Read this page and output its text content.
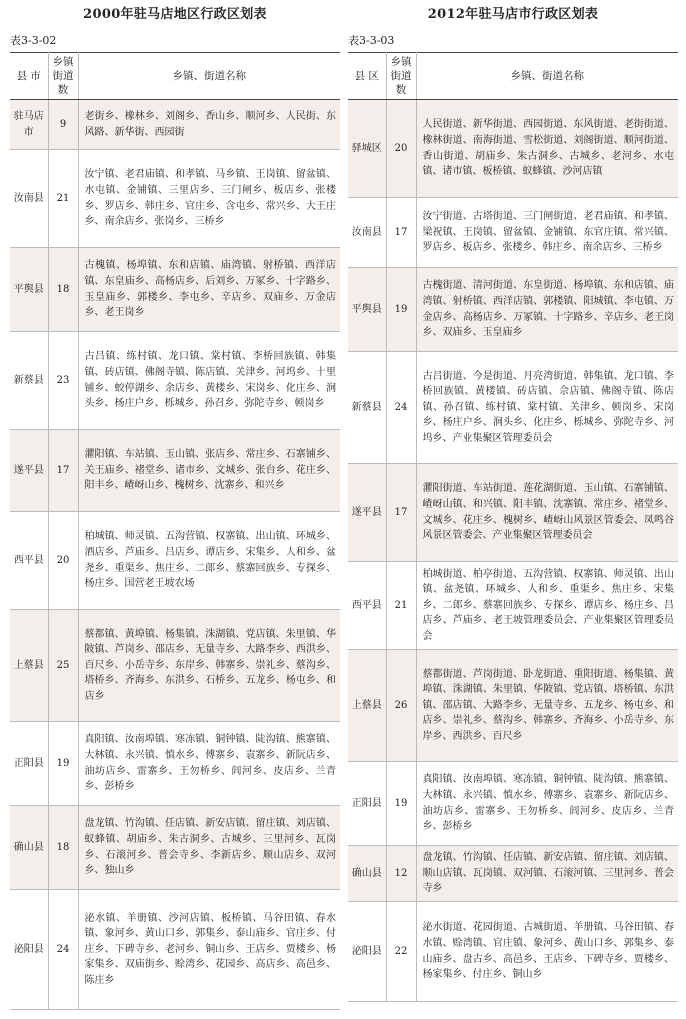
2000年驻马店地区行政区划表
表3-3-02
县 市	乡镇街道数	乡镇、街道名称
驻马店市	9	老街乡、橡林乡、刘阁乡、香山乡、顺河乡、人民街、东风路、新华街、西园街
汝南县	21	汝宁镇、老君庙镇、和孝镇、马乡镇、王岗镇、留盆镇、水屯镇、金铺镇、三里店乡、三门闸乡、板店乡、张楼乡、罗店乡、韩庄乡、官庄乡、含屯乡、常兴乡、大王庄乡、南余店乡、张岗乡、三桥乡
平舆县	18	古槐镇、杨埠镇、东和店镇、庙湾镇、射桥镇、西洋店镇、东皇庙乡、高杨店乡、后刘乡、万冢乡、十字路乡、玉皇庙乡、郭楼乡、李屯乡、辛店乡、双庙乡、万金店乡、老王岗乡
新蔡县	23	古吕镇、练村镇、龙口镇、棠村镇、李桥回族镇、韩集镇、砖店镇、佛阁寺镇、陈店镇、关津乡、河坞乡、十里铺乡、蛟停湖乡、余店乡、黄楼乡、宋岗乡、化庄乡、涧头乡、杨庄户乡、栎城乡、孙召乡、弥陀寺乡、顿岗乡
遂平县	17	灈阳镇、车站镇、玉山镇、张店乡、常庄乡、石寨铺乡、关王庙乡、褚堂乡、诸市乡、文城乡、张台乡、花庄乡、阳丰乡、嵖岈山乡、槐树乡、沈寨乡、和兴乡
西平县	20	柏城镇、师灵镇、五沟营镇、权寨镇、出山镇、环城乡、酒店乡、芦庙乡、吕店乡、谭店乡、宋集乡、人和乡、盆尧乡、重渠乡、焦庄乡、二郎乡、蔡寨回族乡、专探乡、杨庄乡、国营老王坡农场
上蔡县	25	蔡都镇、黄埠镇、杨集镇、洙湖镇、党店镇、朱里镇、华陂镇、芦岗乡、邵店乡、无量寺乡、大路李乡、西洪乡、百尺乡、小岳寺乡、东岸乡、韩寨乡、崇礼乡、蔡沟乡、塔桥乡、齐海乡、东洪乡、石桥乡、五龙乡、杨屯乡、和店乡
正阳县	19	真阳镇、汝南埠镇、寒冻镇、铜钟镇、陡沟镇、熊寨镇、大林镇、永兴镇、慎水乡、傅寨乡、袁寨乡、新阮店乡、油坊店乡、雷寨乡、王勿桥乡、闾河乡、皮店乡、兰青乡、彭桥乡
确山县	18	盘龙镇、竹沟镇、任店镇、新安店镇、留庄镇、刘店镇、蚁蜂镇、胡庙乡、朱古洞乡、古城乡、三里河乡、瓦岗乡、石滚河乡、普会寺乡、李新店乡、顺山店乡、双河乡、独山乡
泌阳县	24	泌水镇、羊册镇、沙河店镇、板桥镇、马谷田镇、春水镇、象河乡、黄山口乡、郭集乡、泰山庙乡、官庄乡、付庄乡、下碑寺乡、老河乡、铜山乡、王店乡、贾楼乡、杨家集乡、双庙街乡、赊湾乡、花园乡、高店乡、高邑乡、陈庄乡
2012年驻马店市行政区划表
表3-3-03
县 区	乡镇街道数	乡镇、街道名称
驿城区	20	人民街道、新华街道、西园街道、东风街道、老街街道、橡林街道、南海街道、雪松街道、刘阁街道、顺河街道、香山街道、胡庙乡、朱古洞乡、古城乡、老河乡、水屯镇、诸市镇、板桥镇、蚁蜂镇、沙河店镇
汝南县	17	汝宁街道、古塔街道、三门闸街道、老君庙镇、和孝镇、梁祝镇、王岗镇、留盆镇、金铺镇、东官庄镇、常兴镇、罗店乡、板店乡、张楼乡、韩庄乡、南余店乡、三桥乡
平舆县	19	古槐街道、清河街道、东皇街道、杨埠镇、东和店镇、庙湾镇、射桥镇、西洋店镇、郭楼镇、阳城镇、李屯镇、万金店乡、高杨店乡、万冢镇、十字路乡、辛店乡、老王岗乡、双庙乡、玉皇庙乡
新蔡县	24	古吕街道、今是街道、月亮湾街道、韩集镇、龙口镇、李桥回族镇、黄楼镇、砖店镇、佘店镇、佛阁寺镇、陈店镇、孙召镇、练村镇、棠村镇、关津乡、顿岗乡、宋岗乡、杨庄户乡、涧头乡、化庄乡、栎城乡、弥陀寺乡、河坞乡、产业集聚区管理委员会
遂平县	17	灈阳街道、车站街道、莲花湖街道、玉山镇、石寨铺镇、嵖岈山镇、和兴镇、阳丰镇、沈寨镇、常庄乡、褚堂乡、文城乡、花庄乡、槐树乡、嵖岈山风景区管委会、凤鸣谷风景区管委会、产业集聚区管理委员会
西平县	21	柏城街道、柏亭街道、五沟营镇、权寨镇、师灵镇、出山镇、盆尧镇、环城乡、人和乡、重渠乡、焦庄乡、宋集乡、二郎乡、蔡寨回族乡、专探乡、谭店乡、杨庄乡、吕店乡、芦庙乡、老王坡管理委员会、产业集聚区管理委员会
上蔡县	26	蔡都街道、芦岗街道、卧龙街道、重阳街道、杨集镇、黄埠镇、洙湖镇、朱里镇、华陂镇、党店镇、塔桥镇、东洪镇、邵店镇、大路李乡、无量寺乡、五龙乡、杨屯乡、和店乡、崇礼乡、蔡沟乡、韩寨乡、齐海乡、小岳寺乡、东岸乡、西洪乡、百尺乡
正阳县	19	真阳镇、汝南埠镇、寒冻镇、铜钟镇、陡沟镇、熊寨镇、大林镇、永兴镇、慎水乡、傅寨乡、袁寨乡、新阮店乡、油坊店乡、雷寨乡、王勿桥乡、闾河乡、皮店乡、兰青乡、彭桥乡
确山县	12	盘龙镇、竹沟镇、任店镇、新安店镇、留庄镇、刘店镇、顺山店镇、瓦岗镇、双河镇、石滚河镇、三里河乡、普会寺乡
泌阳县	22	泌水街道、花园街道、古城街道、羊册镇、马谷田镇、春水镇、赊湾镇、官庄镇、象河乡、黄山口乡、郭集乡、泰山庙乡、盘古乡、高邑乡、王店乡、下碑寺乡、贾楼乡、杨家集乡、付庄乡、铜山乡
